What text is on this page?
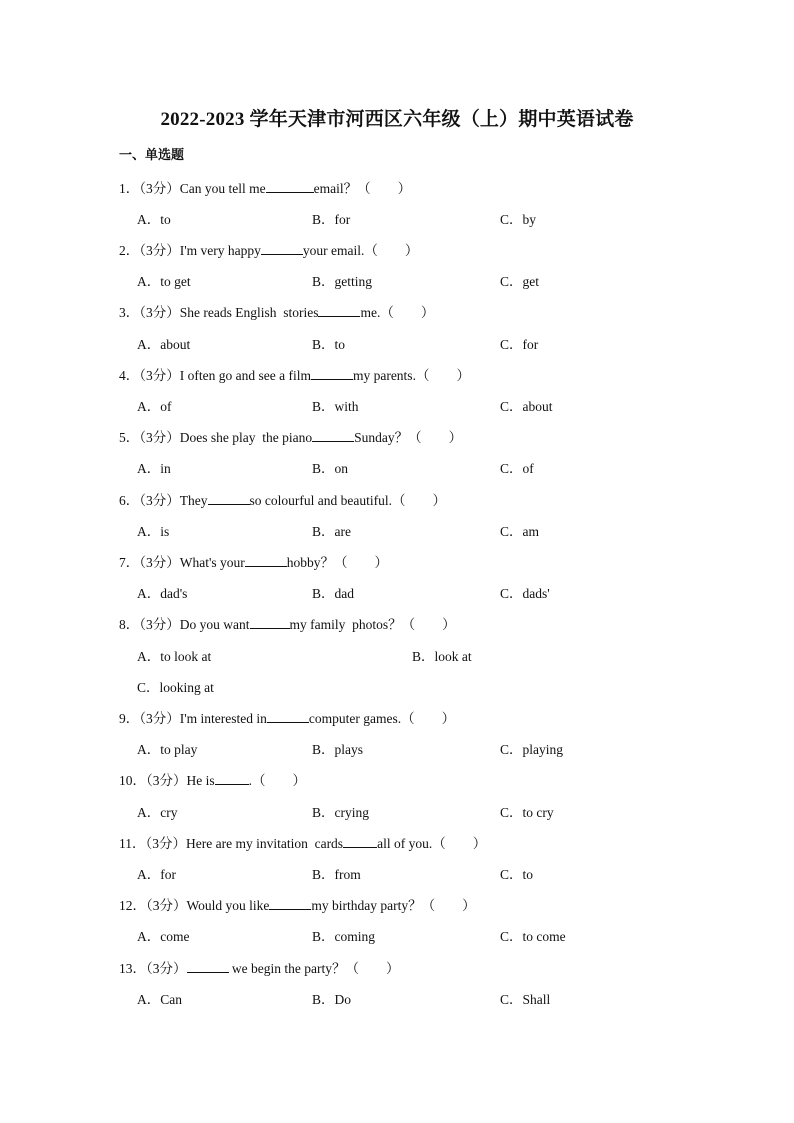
2022-2023 学年天津市河西区六年级（上）期中英语试卷
一、单选题
1．（3分）Can you tell me	email？（　　）
A．to	B．for	C．by
2．（3分）I'm very happy	your email.（　　）
A．to get	B．getting	C．get
3．（3分）She reads English  stories	me.（　　）
A．about	B．to	C．for
4．（3分）I often go and see a film	my parents.（　　）
A．of	B．with	C．about
5．（3分）Does she play  the piano	Sunday？（　　）
A．in	B．on	C．of
6．（3分）They	so colourful and beautiful.（　　）
A．is	B．are	C．am
7．（3分）What's your	hobby？（　　）
A．dad's	B．dad	C．dads'
8．（3分）Do you want	my family  photos？（　　）
A．to look at	B．look at
C．looking at
9．（3分）I'm interested in	computer games.（　　）
A．to play	B．plays	C．playing
10．（3分）He is	.（　　）
A．cry	B．crying	C．to cry
11．（3分）Here are my invitation  cards	all of you.（　　）
A．for	B．from	C．to
12．（3分）Would you like	my birthday party？（　　）
A．come	B．coming	C．to come
13．（3分）	we begin the party？（　　）
A．Can	B．Do	C．Shall
